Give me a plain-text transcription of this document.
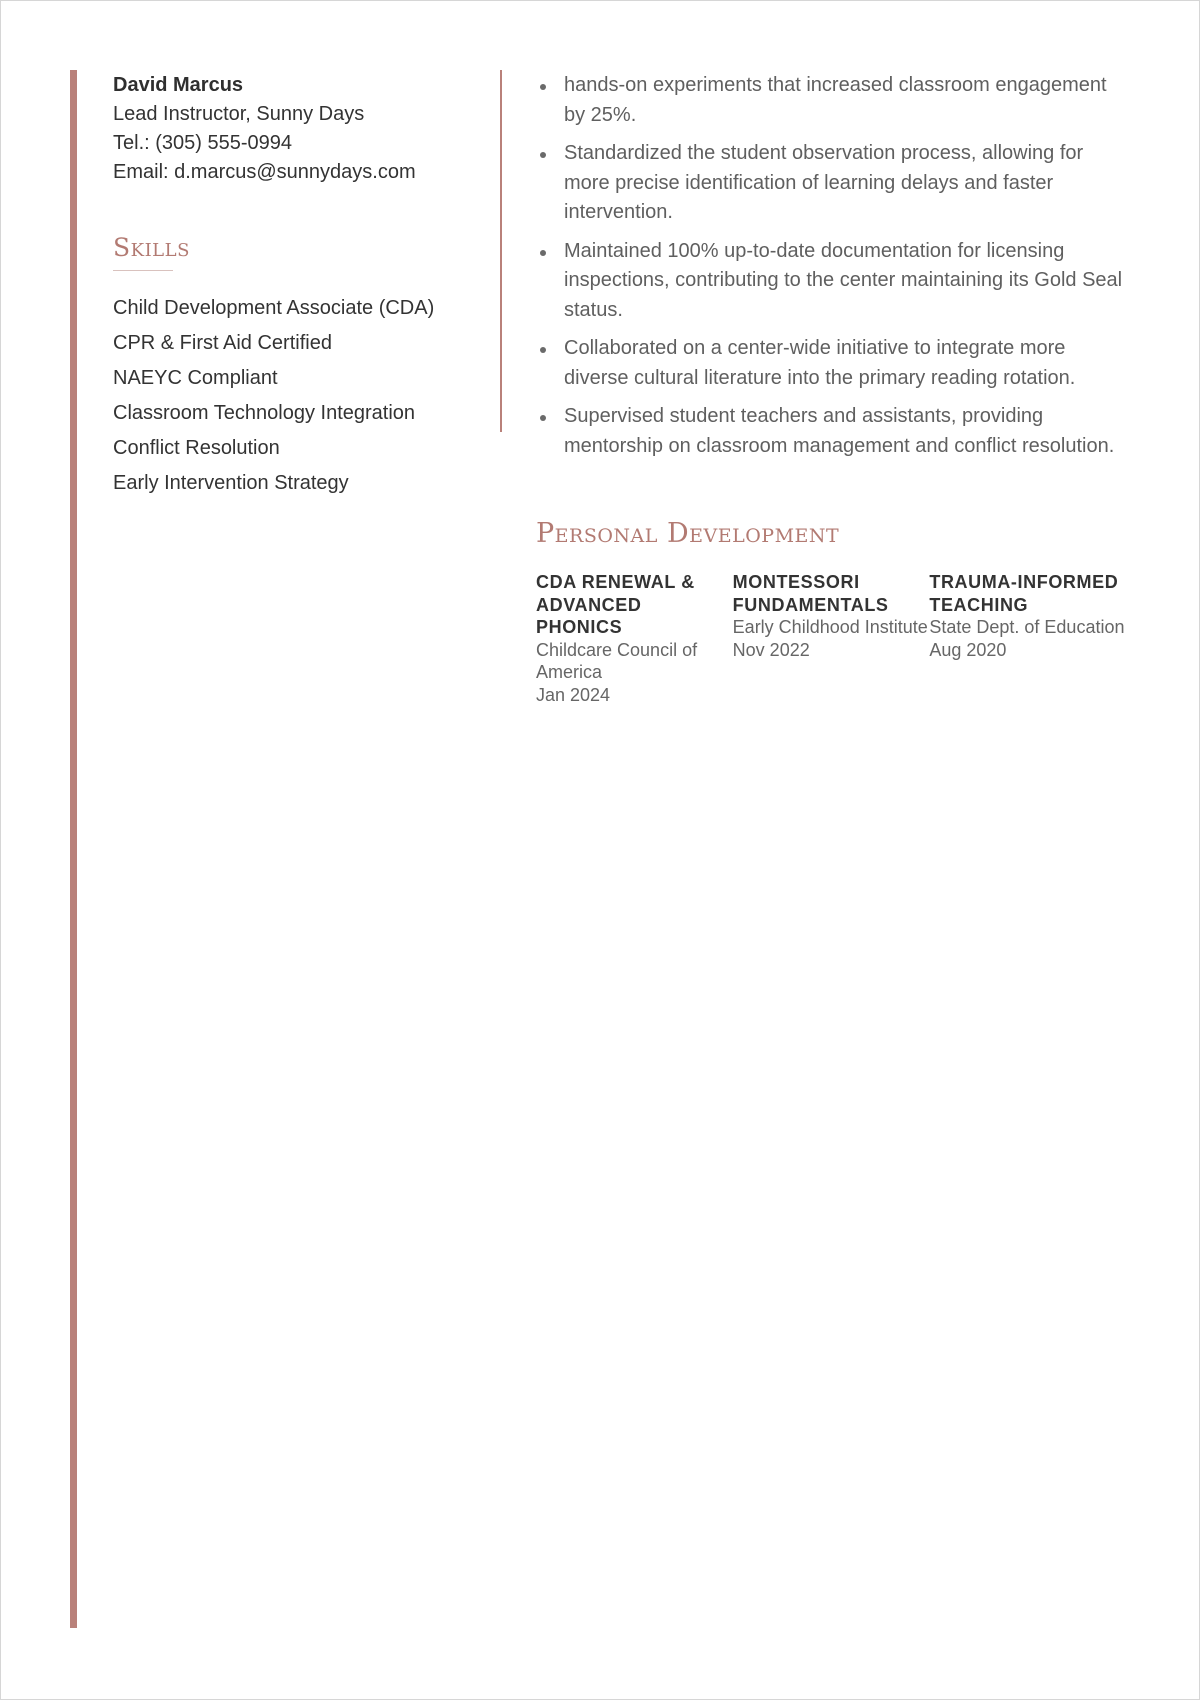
David Marcus
Lead Instructor, Sunny Days
Tel.: (305) 555-0994
Email: d.marcus@sunnydays.com
Skills
Child Development Associate (CDA)
CPR & First Aid Certified
NAEYC Compliant
Classroom Technology Integration
Conflict Resolution
Early Intervention Strategy
hands-on experiments that increased classroom engagement by 25%.
Standardized the student observation process, allowing for more precise identification of learning delays and faster intervention.
Maintained 100% up-to-date documentation for licensing inspections, contributing to the center maintaining its Gold Seal status.
Collaborated on a center-wide initiative to integrate more diverse cultural literature into the primary reading rotation.
Supervised student teachers and assistants, providing mentorship on classroom management and conflict resolution.
Personal Development
CDA RENEWAL & ADVANCED PHONICS
Childcare Council of America
Jan 2024
MONTESSORI FUNDAMENTALS
Early Childhood Institute
Nov 2022
TRAUMA-INFORMED TEACHING
State Dept. of Education
Aug 2020
